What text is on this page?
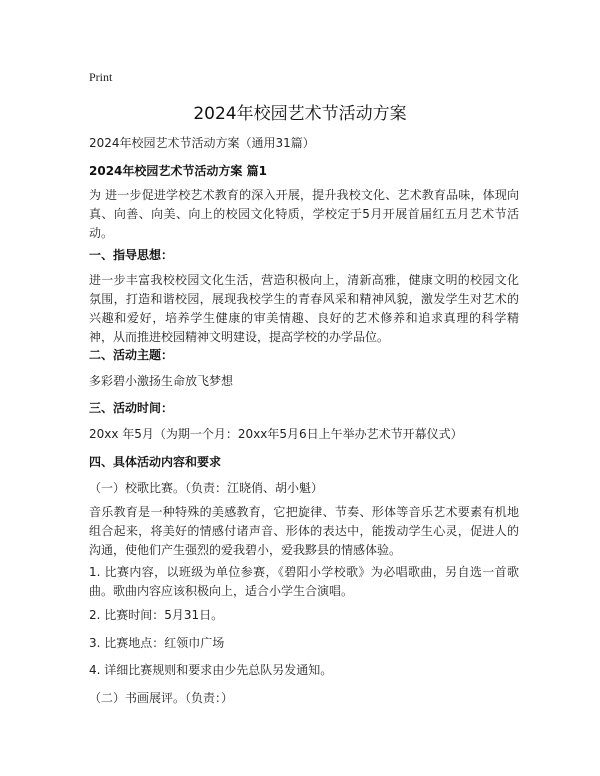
Print
2024年校园艺术节活动方案
2024年校园艺术节活动方案（通用31篇）
2024年校园艺术节活动方案 篇1
为 进一步促进学校艺术教育的深入开展，提升我校文化、艺术教育品味，体现向真、向善、向美、向上的校园文化特质，学校定于5月开展首届红五月艺术节活动。
一、指导思想：
进一步丰富我校校园文化生活，营造积极向上，清新高雅，健康文明的校园文化氛围，打造和谐校园，展现我校学生的青春风采和精神风貌，激发学生对艺术的兴趣和爱好，培养学生健康的审美情趣、良好的艺术修养和追求真理的科学精神，从而推进校园精神文明建设，提高学校的办学品位。
二、活动主题：
多彩碧小激扬生命放飞梦想
三、活动时间：
20xx 年5月（为期一个月：20xx年5月6日上午举办艺术节开幕仪式）
四、具体活动内容和要求
（一）校歌比赛。（负责：江晓俏、胡小魁）
音乐教育是一种特殊的美感教育，它把旋律、节奏、形体等音乐艺术要素有机地组合起来，将美好的情感付诸声音、形体的表达中，能拨动学生心灵，促进人的沟通，使他们产生强烈的爱我碧小，爱我黟县的情感体验。
1. 比赛内容，以班级为单位参赛，《碧阳小学校歌》为必唱歌曲，另自选一首歌曲。歌曲内容应该积极向上，适合小学生合演唱。
2. 比赛时间：5月31日。
3. 比赛地点：红领巾广场
4. 详细比赛规则和要求由少先总队另发通知。
（二）书画展评。（负责：）
